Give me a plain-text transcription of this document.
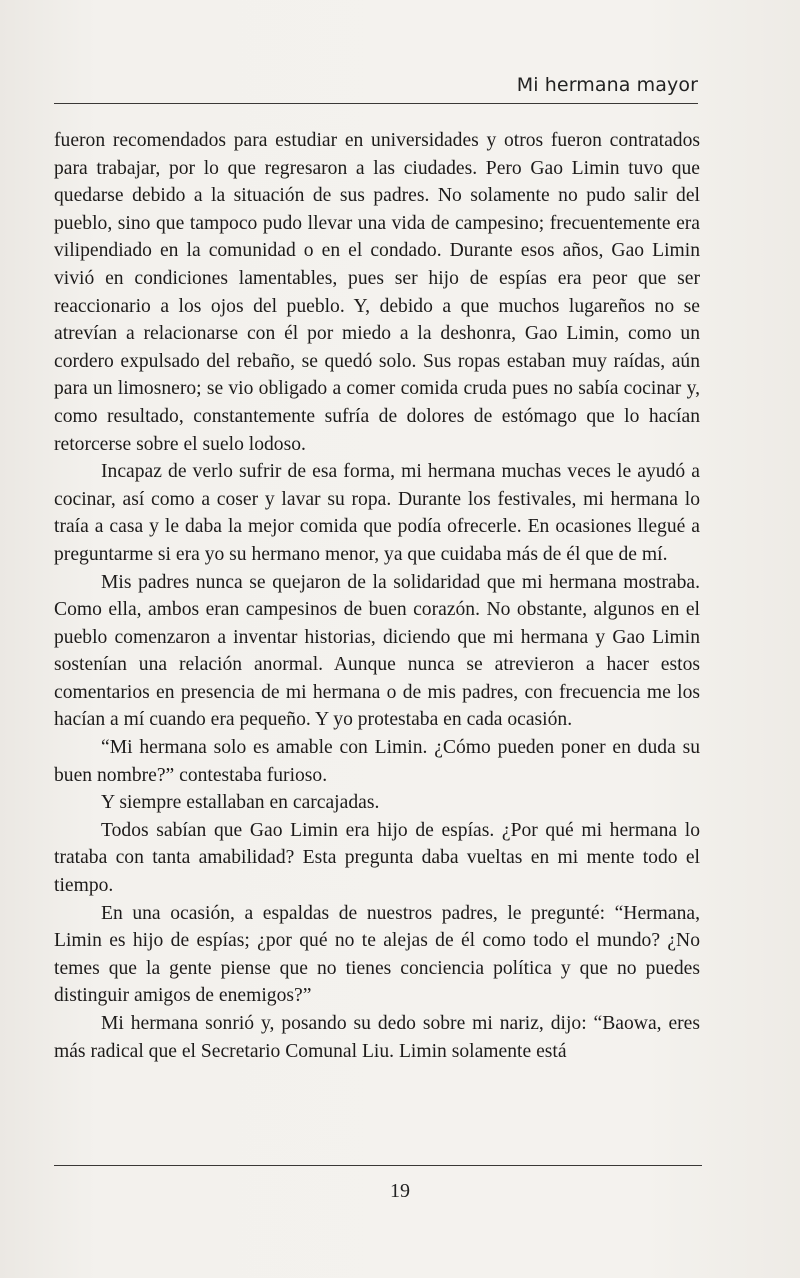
Mi hermana mayor

fueron recomendados para estudiar en universidades y otros fueron contratados para trabajar, por lo que regresaron a las ciudades. Pero Gao Limin tuvo que quedarse debido a la situación de sus padres. No solamente no pudo salir del pueblo, sino que tampoco pudo llevar una vida de campesino; frecuentemente era vilipendiado en la comunidad o en el condado. Durante esos años, Gao Limin vivió en condiciones lamentables, pues ser hijo de espías era peor que ser reaccionario a los ojos del pueblo. Y, debido a que muchos lugareños no se atrevían a relacionarse con él por miedo a la deshonra, Gao Limin, como un cordero expulsado del rebaño, se quedó solo. Sus ropas estaban muy raídas, aún para un limosnero; se vio obligado a comer comida cruda pues no sabía cocinar y, como resultado, constantemente sufría de dolores de estómago que lo hacían retorcerse sobre el suelo lodoso.

Incapaz de verlo sufrir de esa forma, mi hermana muchas veces le ayudó a cocinar, así como a coser y lavar su ropa. Durante los festivales, mi hermana lo traía a casa y le daba la mejor comida que podía ofrecerle. En ocasiones llegué a preguntarme si era yo su hermano menor, ya que cuidaba más de él que de mí.

Mis padres nunca se quejaron de la solidaridad que mi hermana mostraba. Como ella, ambos eran campesinos de buen corazón. No obstante, algunos en el pueblo comenzaron a inventar historias, diciendo que mi hermana y Gao Limin sostenían una relación anormal. Aunque nunca se atrevieron a hacer estos comentarios en presencia de mi hermana o de mis padres, con frecuencia me los hacían a mí cuando era pequeño. Y yo protestaba en cada ocasión.

“Mi hermana solo es amable con Limin. ¿Cómo pueden poner en duda su buen nombre?” contestaba furioso.

Y siempre estallaban en carcajadas.

Todos sabían que Gao Limin era hijo de espías. ¿Por qué mi hermana lo trataba con tanta amabilidad? Esta pregunta daba vueltas en mi mente todo el tiempo.

En una ocasión, a espaldas de nuestros padres, le pregunté: “Hermana, Limin es hijo de espías; ¿por qué no te alejas de él como todo el mundo? ¿No temes que la gente piense que no tienes conciencia política y que no puedes distinguir amigos de enemigos?”

Mi hermana sonrió y, posando su dedo sobre mi nariz, dijo: “Baowa, eres más radical que el Secretario Comunal Liu. Limin solamente está

19
